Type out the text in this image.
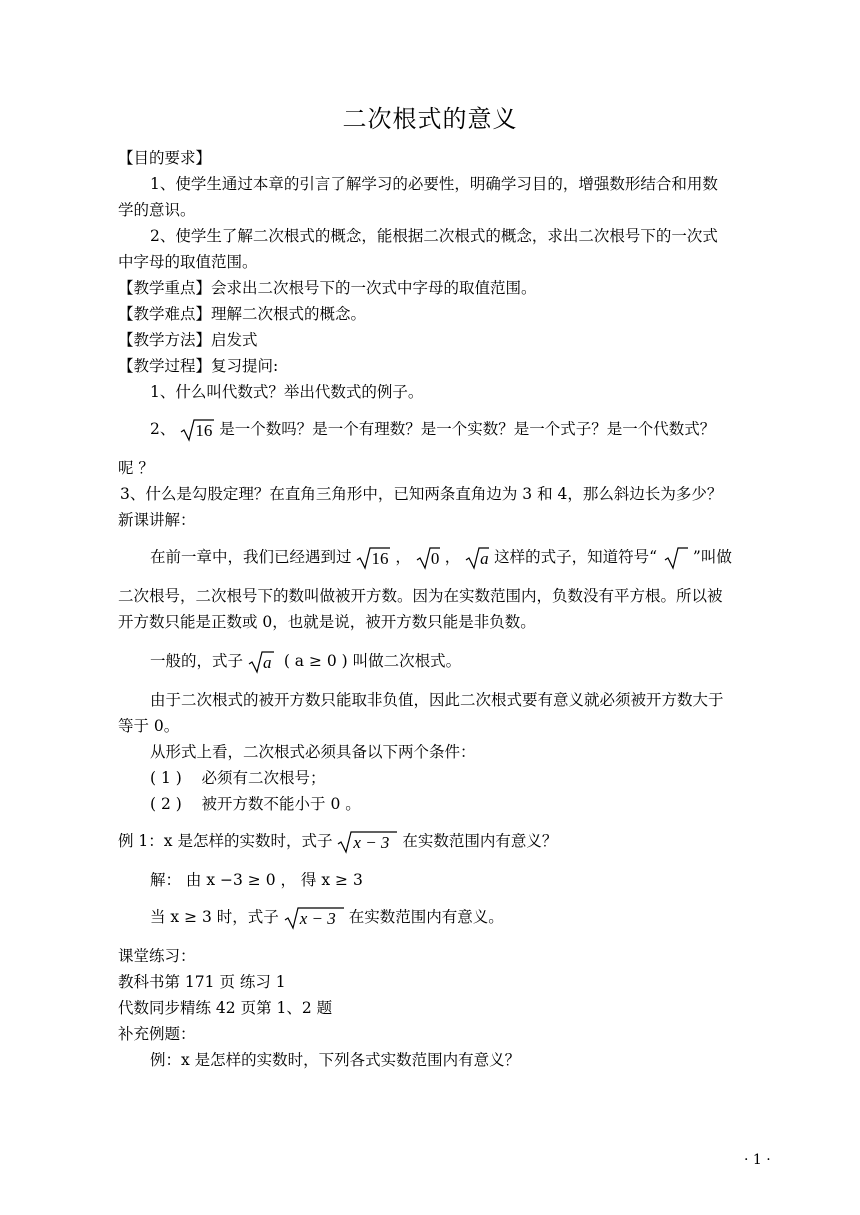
二次根式的意义
【目的要求】
1、使学生通过本章的引言了解学习的必要性，明确学习目的，增强数形结合和用数
学的意识。
2、使学生了解二次根式的概念，能根据二次根式的概念，求出二次根号下的一次式
中字母的取值范围。
【教学重点】会求出二次根号下的一次式中字母的取值范围。
【教学难点】理解二次根式的概念。
【教学方法】启发式
【教学过程】复习提问:
1、什么叫代数式？举出代数式的例子。
2、 16 是一个数吗？是一个有理数？是一个实数？是一个式子？是一个代数式？
呢 ？
3、什么是勾股定理？在直角三角形中，已知两条直角边为 3 和 4，那么斜边长为多少？
新课讲解：
在前一章中，我们已经遇到过 16 ， 0 ， a 这样的式子，知道符号“ ”叫做
二次根号，二次根号下的数叫做被开方数。因为在实数范围内，负数没有平方根。所以被
开方数只能是正数或 0，也就是说，被开方数只能是非负数。
一般的，式子 a ( a ≥ 0 ) 叫做二次根式。
由于二次根式的被开方数只能取非负值，因此二次根式要有意义就必须被开方数大于
等于 0。
从形式上看，二次根式必须具备以下两个条件：
( 1 ) 必须有二次根号；
( 2 ) 被开方数不能小于 0 。
例 1：x 是怎样的实数时，式子 x − 3 在实数范围内有意义？
解： 由 x −3 ≥ 0 ， 得 x ≥ 3
当 x ≥ 3 时，式子 x − 3 在实数范围内有意义。
课堂练习：
教科书第 171 页 练习 1
代数同步精练 42 页第 1、2 题
补充例题：
例：x 是怎样的实数时，下列各式实数范围内有意义？
· 1 ·
